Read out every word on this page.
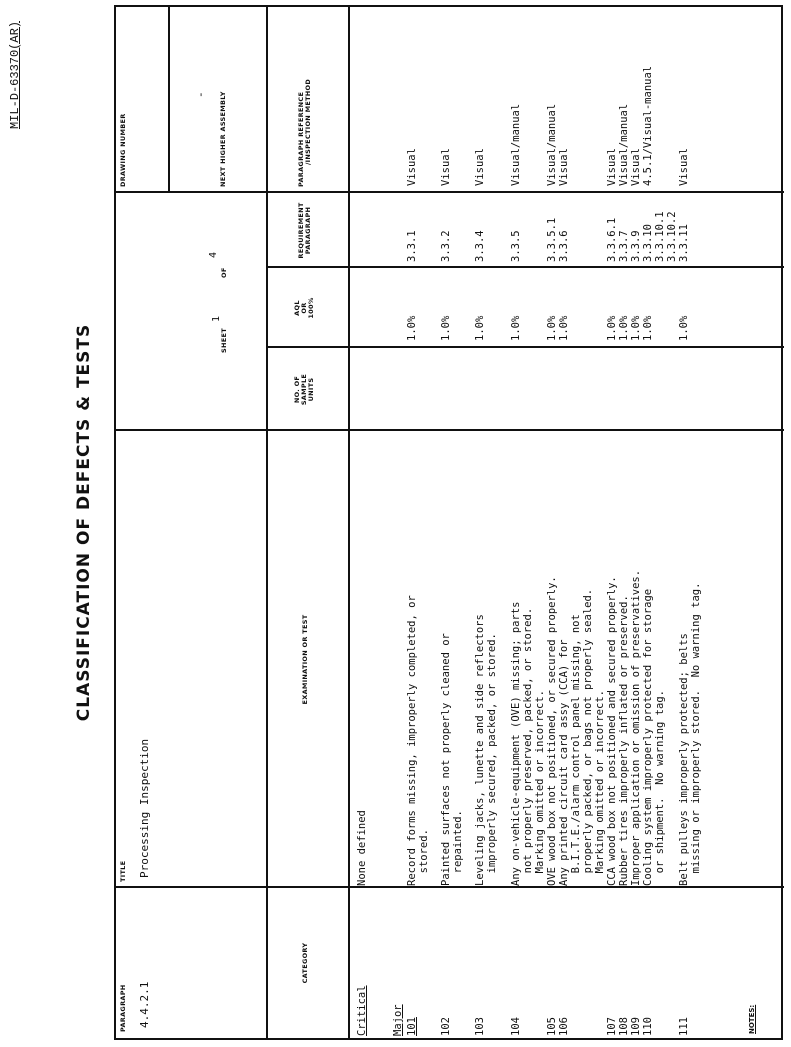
MIL-D-63370(AR)
CLASSIFICATION OF DEFECTS & TESTS
PARAGRAPH 4.4.2.1
TITLE Processing Inspection
SHEET
1
OF
4
DRAWING NUMBER
- NEXT HIGHER ASSEMBLY
CATEGORY
EXAMINATION OR TEST
NO. OF SAMPLE UNITS
AQL OR 100%
REQUIREMENT PARAGRAPH
PARAGRAPH REFERENCE /INSPECTION METHOD
Critical
None defined
Major 101
Record forms missing, improperly completed, or
1.0%
3.3.1
Visual
stored.
102
Painted surfaces not properly cleaned or
1.0%
3.3.2
Visual
repainted.
103
Leveling jacks, lunette and side reflectors
1.0%
3.3.4
Visual
improperly secured, packed, or stored.
104
Any on-vehicle-equipment (OVE) missing; parts
1.0%
3.3.5
Visual/manual
not properly preserved, packed, or stored. Marking omitted or incorrect.
105
OVE wood box not positioned, or secured properly.
1.0%
3.3.5.1
Visual/manual
106
Any printed circuit card assy (CCA) for
1.0%
3.3.6
Visual
B.I.T.E./alarm control panel missing, not properly packed, or bags not properly sealed. Marking omitted or incorrect.
107
CCA wood box not positioned and secured properly.
1.0%
3.3.6.1
Visual
108
Rubber tires improperly inflated or preserved.
1.0%
3.3.7
Visual/manual
109
Improper application or omission of preservatives.
1.0%
3.3.9
Visual
110
Cooling system improperly protected for storage
1.0%
3.3.10
4.5.1/Visual-manual
or shipment.  No warning tag.
3.3.10.1 3.3.10.2
111
Belt pulleys improperly protected; belts
1.0%
3.3.11
Visual
missing or improperly stored.  No warning tag.
NOTES:
